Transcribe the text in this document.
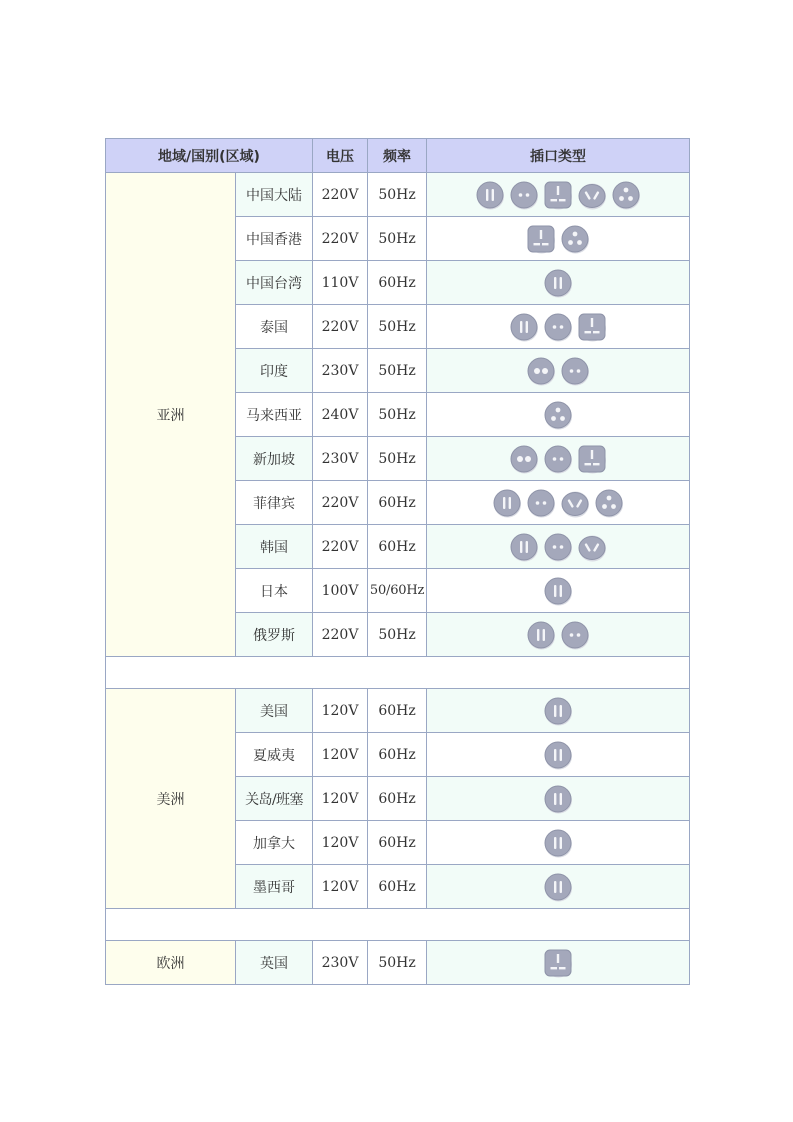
地域/国别(区域)		电压	频率	插口类型
亚洲	中国大陆	220V	50Hz	

	中国香港	220V	50Hz	

	中国台湾	110V	60Hz	

	泰国	220V	50Hz	

	印度	230V	50Hz	

	马来西亚	240V	50Hz	

	新加坡	230V	50Hz	

	菲律宾	220V	60Hz	

	韩国	220V	60Hz	

	日本	100V	50/60Hz	

	俄罗斯	220V	50Hz	

美洲	美国	120V	60Hz	

	夏威夷	120V	60Hz	

	关岛/班塞	120V	60Hz	

	加拿大	120V	60Hz	

	墨西哥	120V	60Hz	

欧洲	英国	230V	50Hz	
